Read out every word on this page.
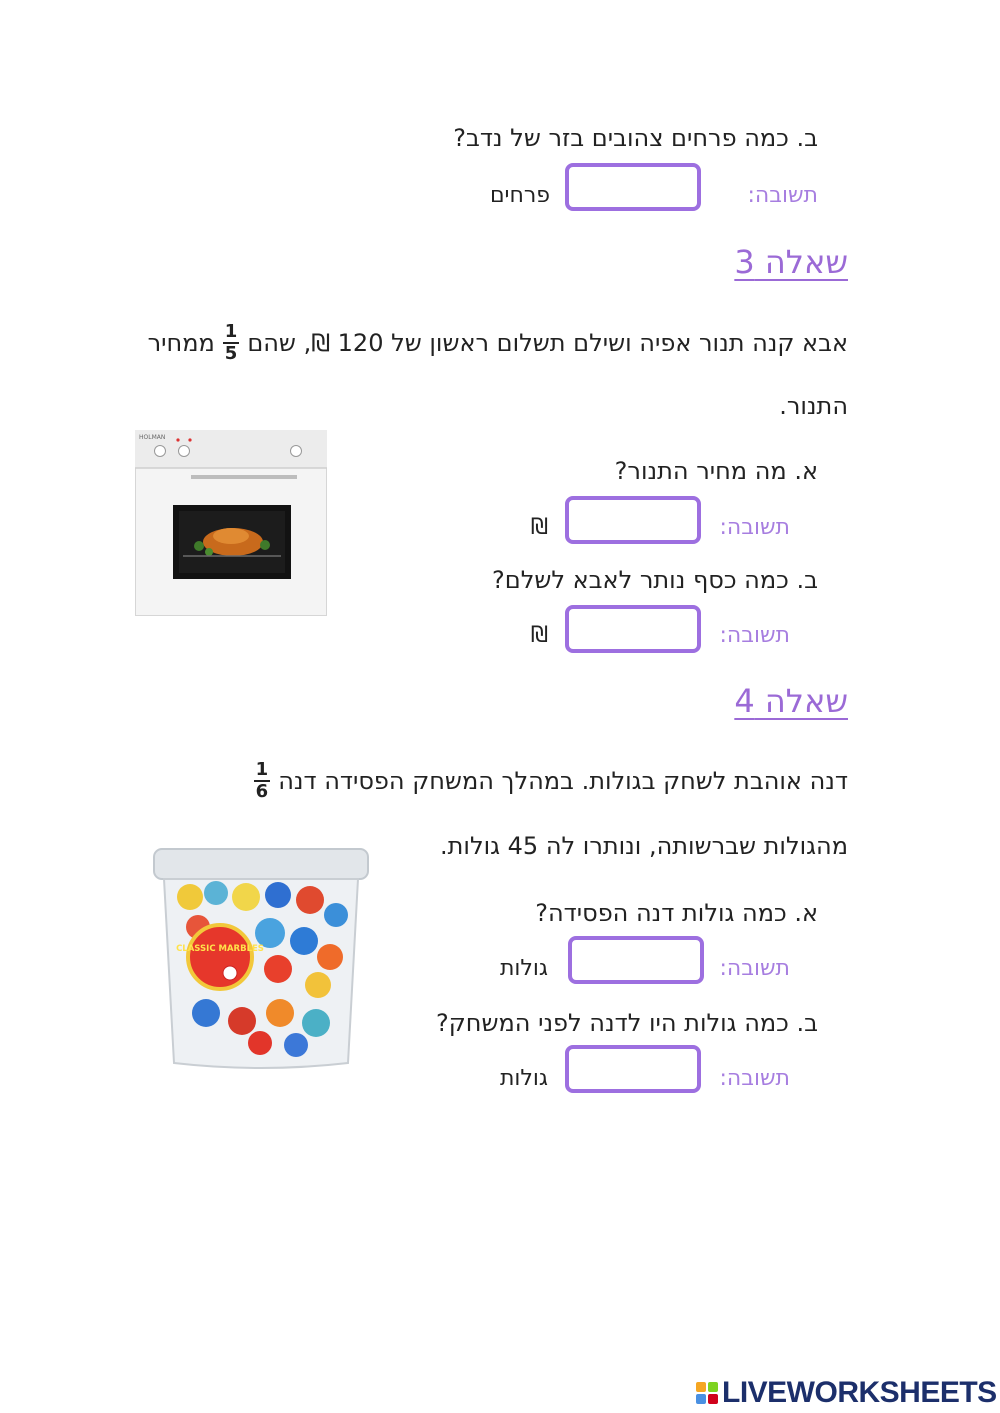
ב. כמה פרחים צהובים בזר של נדב?
תשובה:
פרחים
שאלה 3
אבא קנה תנור אפיה ושילם תשלום ראשון של 120 ₪, שהם
$\frac{1}{5}$
ממחיר
התנור.
HOLMAN
א. מה מחיר התנור?
תשובה:
₪
ב. כמה כסף נותר לאבא לשלם?
תשובה:
₪
שאלה 4
דנה אוהבת לשחק בגולות. במהלך המשחק הפסידה דנה
$\frac{1}{6}$
מהגולות שברשותה, ונותרו לה 45 גולות.
CLASSIC MARBLES
א. כמה גולות דנה הפסידה?
תשובה:
גולות
ב. כמה גולות היו לדנה לפני המשחק?
תשובה:
גולות
LIVEWORKSHEETS
